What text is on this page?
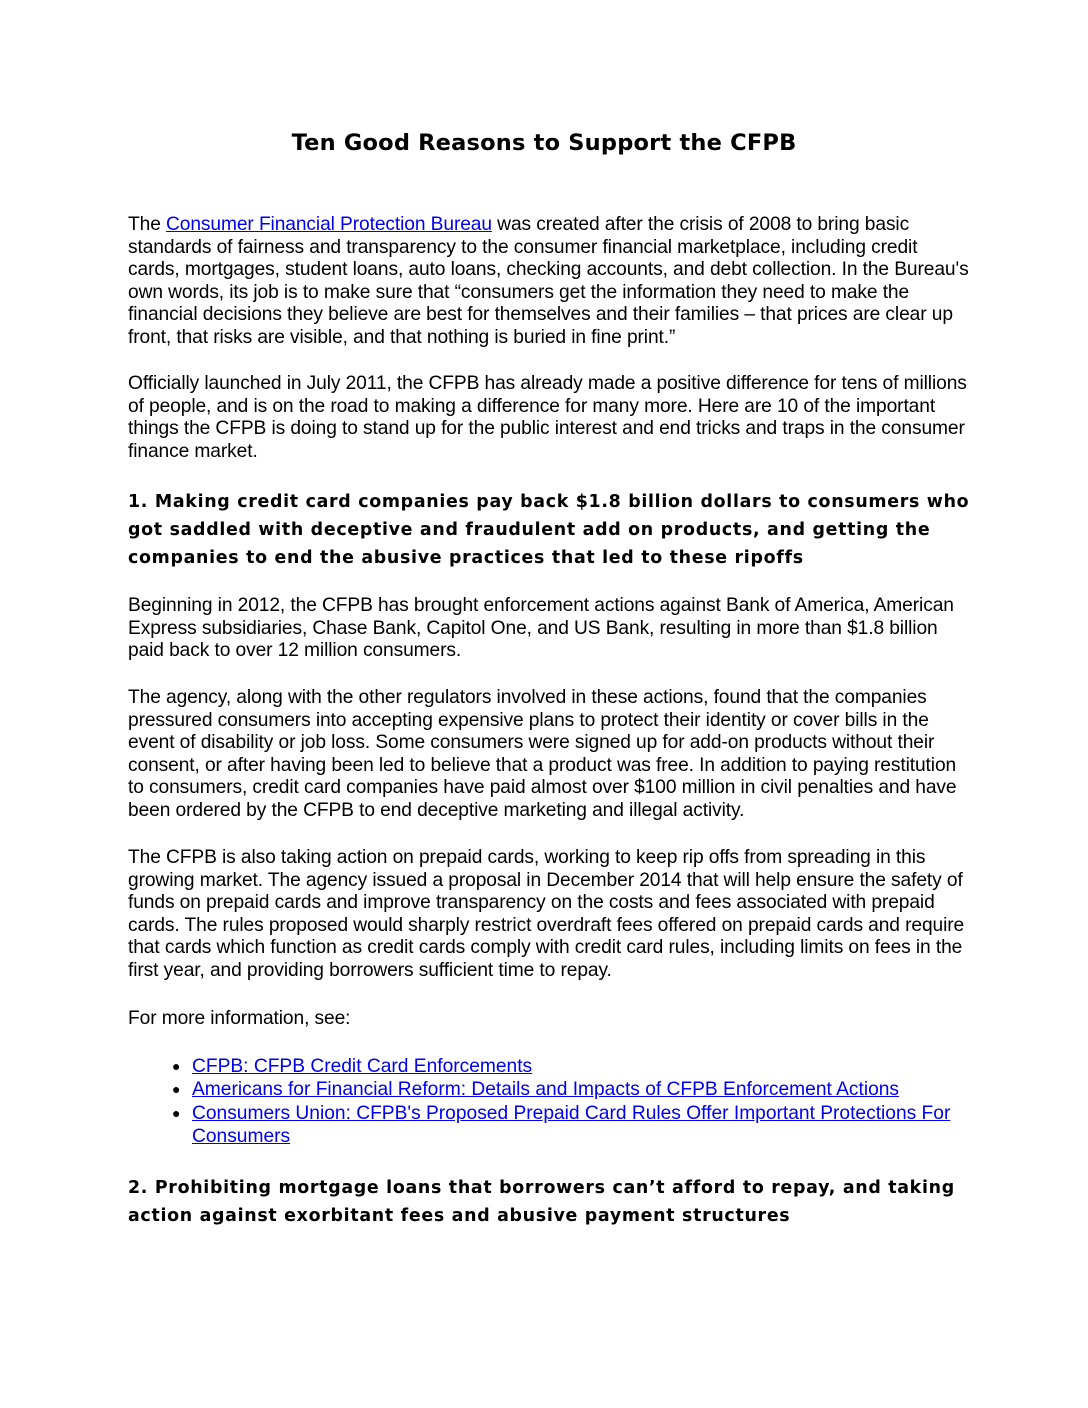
Ten Good Reasons to Support the CFPB

The Consumer Financial Protection Bureau was created after the crisis of 2008 to bring basic standards of fairness and transparency to the consumer financial marketplace, including credit cards, mortgages, student loans, auto loans, checking accounts, and debt collection. In the Bureau's own words, its job is to make sure that “consumers get the information they need to make the financial decisions they believe are best for themselves and their families – that prices are clear up front, that risks are visible, and that nothing is buried in fine print.”

Officially launched in July 2011, the CFPB has already made a positive difference for tens of millions of people, and is on the road to making a difference for many more. Here are 10 of the important things the CFPB is doing to stand up for the public interest and end tricks and traps in the consumer finance market.

1. Making credit card companies pay back $1.8 billion dollars to consumers who got saddled with deceptive and fraudulent add on products, and getting the companies to end the abusive practices that led to these ripoffs

Beginning in 2012, the CFPB has brought enforcement actions against Bank of America, American Express subsidiaries, Chase Bank, Capitol One, and US Bank, resulting in more than $1.8 billion paid back to over 12 million consumers.

The agency, along with the other regulators involved in these actions, found that the companies pressured consumers into accepting expensive plans to protect their identity or cover bills in the event of disability or job loss. Some consumers were signed up for add-on products without their consent, or after having been led to believe that a product was free. In addition to paying restitution to consumers, credit card companies have paid almost over $100 million in civil penalties and have been ordered by the CFPB to end deceptive marketing and illegal activity.

The CFPB is also taking action on prepaid cards, working to keep rip offs from spreading in this growing market. The agency issued a proposal in December 2014 that will help ensure the safety of funds on prepaid cards and improve transparency on the costs and fees associated with prepaid cards. The rules proposed would sharply restrict overdraft fees offered on prepaid cards and require that cards which function as credit cards comply with credit card rules, including limits on fees in the first year, and providing borrowers sufficient time to repay.

For more information, see:

● CFPB: CFPB Credit Card Enforcements
● Americans for Financial Reform: Details and Impacts of CFPB Enforcement Actions
● Consumers Union: CFPB's Proposed Prepaid Card Rules Offer Important Protections For Consumers
2. Prohibiting mortgage loans that borrowers can’t afford to repay, and taking action against exorbitant fees and abusive payment structures
